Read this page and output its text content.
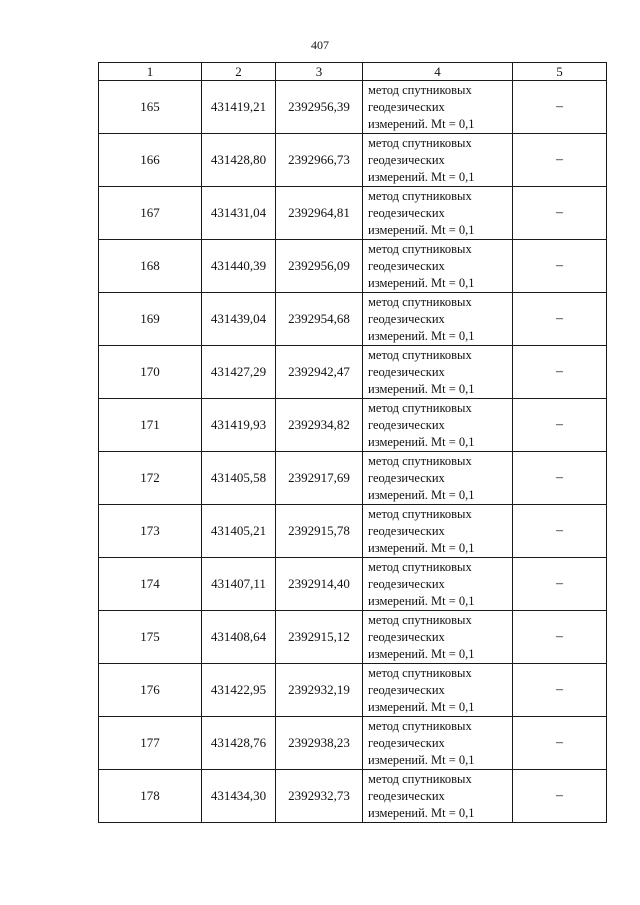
407
1	2	3	4	5
165	431419,21	2392956,39	метод спутниковых
геодезических
измерений. Mt = 0,1	–
166	431428,80	2392966,73	метод спутниковых
геодезических
измерений. Mt = 0,1	–
167	431431,04	2392964,81	метод спутниковых
геодезических
измерений. Mt = 0,1	–
168	431440,39	2392956,09	метод спутниковых
геодезических
измерений. Mt = 0,1	–
169	431439,04	2392954,68	метод спутниковых
геодезических
измерений. Mt = 0,1	–
170	431427,29	2392942,47	метод спутниковых
геодезических
измерений. Mt = 0,1	–
171	431419,93	2392934,82	метод спутниковых
геодезических
измерений. Mt = 0,1	–
172	431405,58	2392917,69	метод спутниковых
геодезических
измерений. Mt = 0,1	–
173	431405,21	2392915,78	метод спутниковых
геодезических
измерений. Mt = 0,1	–
174	431407,11	2392914,40	метод спутниковых
геодезических
измерений. Mt = 0,1	–
175	431408,64	2392915,12	метод спутниковых
геодезических
измерений. Mt = 0,1	–
176	431422,95	2392932,19	метод спутниковых
геодезических
измерений. Mt = 0,1	–
177	431428,76	2392938,23	метод спутниковых
геодезических
измерений. Mt = 0,1	–
178	431434,30	2392932,73	метод спутниковых
геодезических
измерений. Mt = 0,1	–
